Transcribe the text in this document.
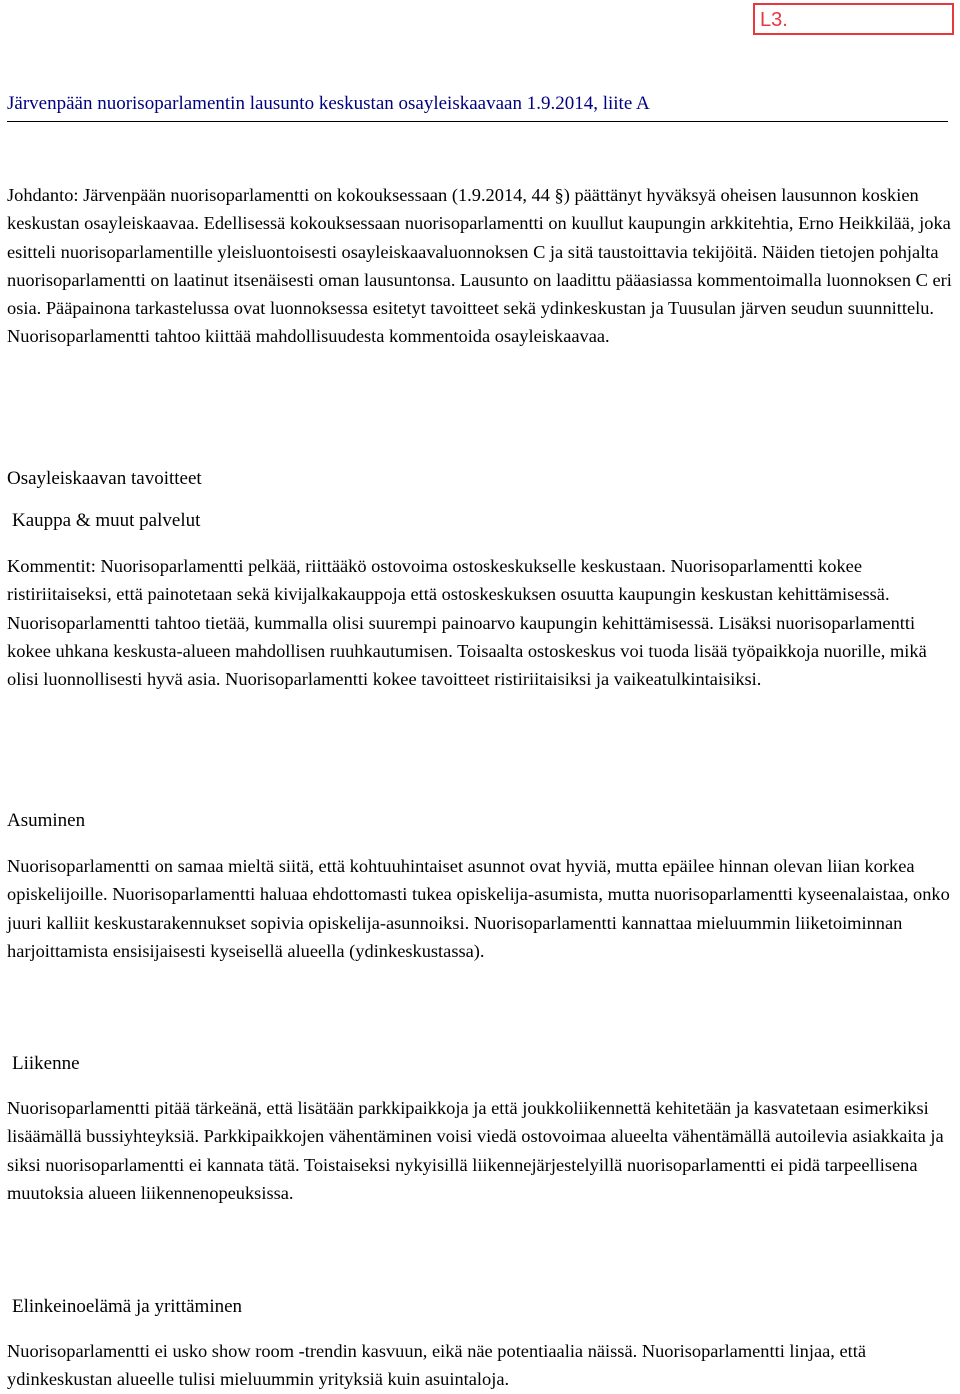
L3.
Järvenpään nuorisoparlamentin lausunto keskustan osayleiskaavaan 1.9.2014, liite A

Johdanto: Järvenpään nuorisoparlamentti on kokouksessaan (1.9.2014, 44 §) päättänyt hyväksyä oheisen lausunnon koskien keskustan osayleiskaavaa. Edellisessä kokouksessaan nuorisoparlamentti on kuullut kaupungin arkkitehtia, Erno Heikkilää, joka esitteli nuorisoparlamentille yleisluontoisesti osayleiskaavaluonnoksen C ja sitä taustoittavia tekijöitä. Näiden tietojen pohjalta nuorisoparlamentti on laatinut itsenäisesti oman lausuntonsa. Lausunto on laadittu pääasiassa kommentoimalla luonnoksen C eri osia. Pääpainona tarkastelussa ovat luonnoksessa esitetyt tavoitteet sekä ydinkeskustan ja Tuusulan järven seudun suunnittelu. Nuorisoparlamentti tahtoo kiittää mahdollisuudesta kommentoida osayleiskaavaa.

Osayleiskaavan tavoitteet
Kauppa & muut palvelut

Kommentit: Nuorisoparlamentti pelkää, riittääkö ostovoima ostoskeskukselle keskustaan. Nuorisoparlamentti kokee ristiriitaiseksi, että painotetaan sekä kivijalkakauppoja että ostoskeskuksen osuutta kaupungin keskustan kehittämisessä. Nuorisoparlamentti tahtoo tietää, kummalla olisi suurempi painoarvo kaupungin kehittämisessä. Lisäksi nuorisoparlamentti kokee uhkana keskusta-alueen mahdollisen ruuhkautumisen. Toisaalta ostoskeskus voi tuoda lisää työpaikkoja nuorille, mikä olisi luonnollisesti hyvä asia. Nuorisoparlamentti kokee tavoitteet ristiriitaisiksi ja vaikeatulkintaisiksi.

Asuminen

Nuorisoparlamentti on samaa mieltä siitä, että kohtuuhintaiset asunnot ovat hyviä, mutta epäilee hinnan olevan liian korkea opiskelijoille. Nuorisoparlamentti haluaa ehdottomasti tukea opiskelija-asumista, mutta nuorisoparlamentti kyseenalaistaa, onko juuri kalliit keskustarakennukset sopivia opiskelija-asunnoiksi. Nuorisoparlamentti kannattaa mieluummin liiketoiminnan harjoittamista ensisijaisesti kyseisellä alueella (ydinkeskustassa).

Liikenne

Nuorisoparlamentti pitää tärkeänä, että lisätään parkkipaikkoja ja että joukkoliikennettä kehitetään ja kasvatetaan esimerkiksi lisäämällä bussiyhteyksiä. Parkkipaikkojen vähentäminen voisi viedä ostovoimaa alueelta vähentämällä autoilevia asiakkaita ja siksi nuorisoparlamentti ei kannata tätä. Toistaiseksi nykyisillä liikennejärjestelyillä nuorisoparlamentti ei pidä tarpeellisena muutoksia alueen liikennenopeuksissa.

Elinkeinoelämä ja yrittäminen

Nuorisoparlamentti ei usko show room -trendin kasvuun, eikä näe potentiaalia näissä. Nuorisoparlamentti linjaa, että ydinkeskustan alueelle tulisi mieluummin yrityksiä kuin asuintaloja.
